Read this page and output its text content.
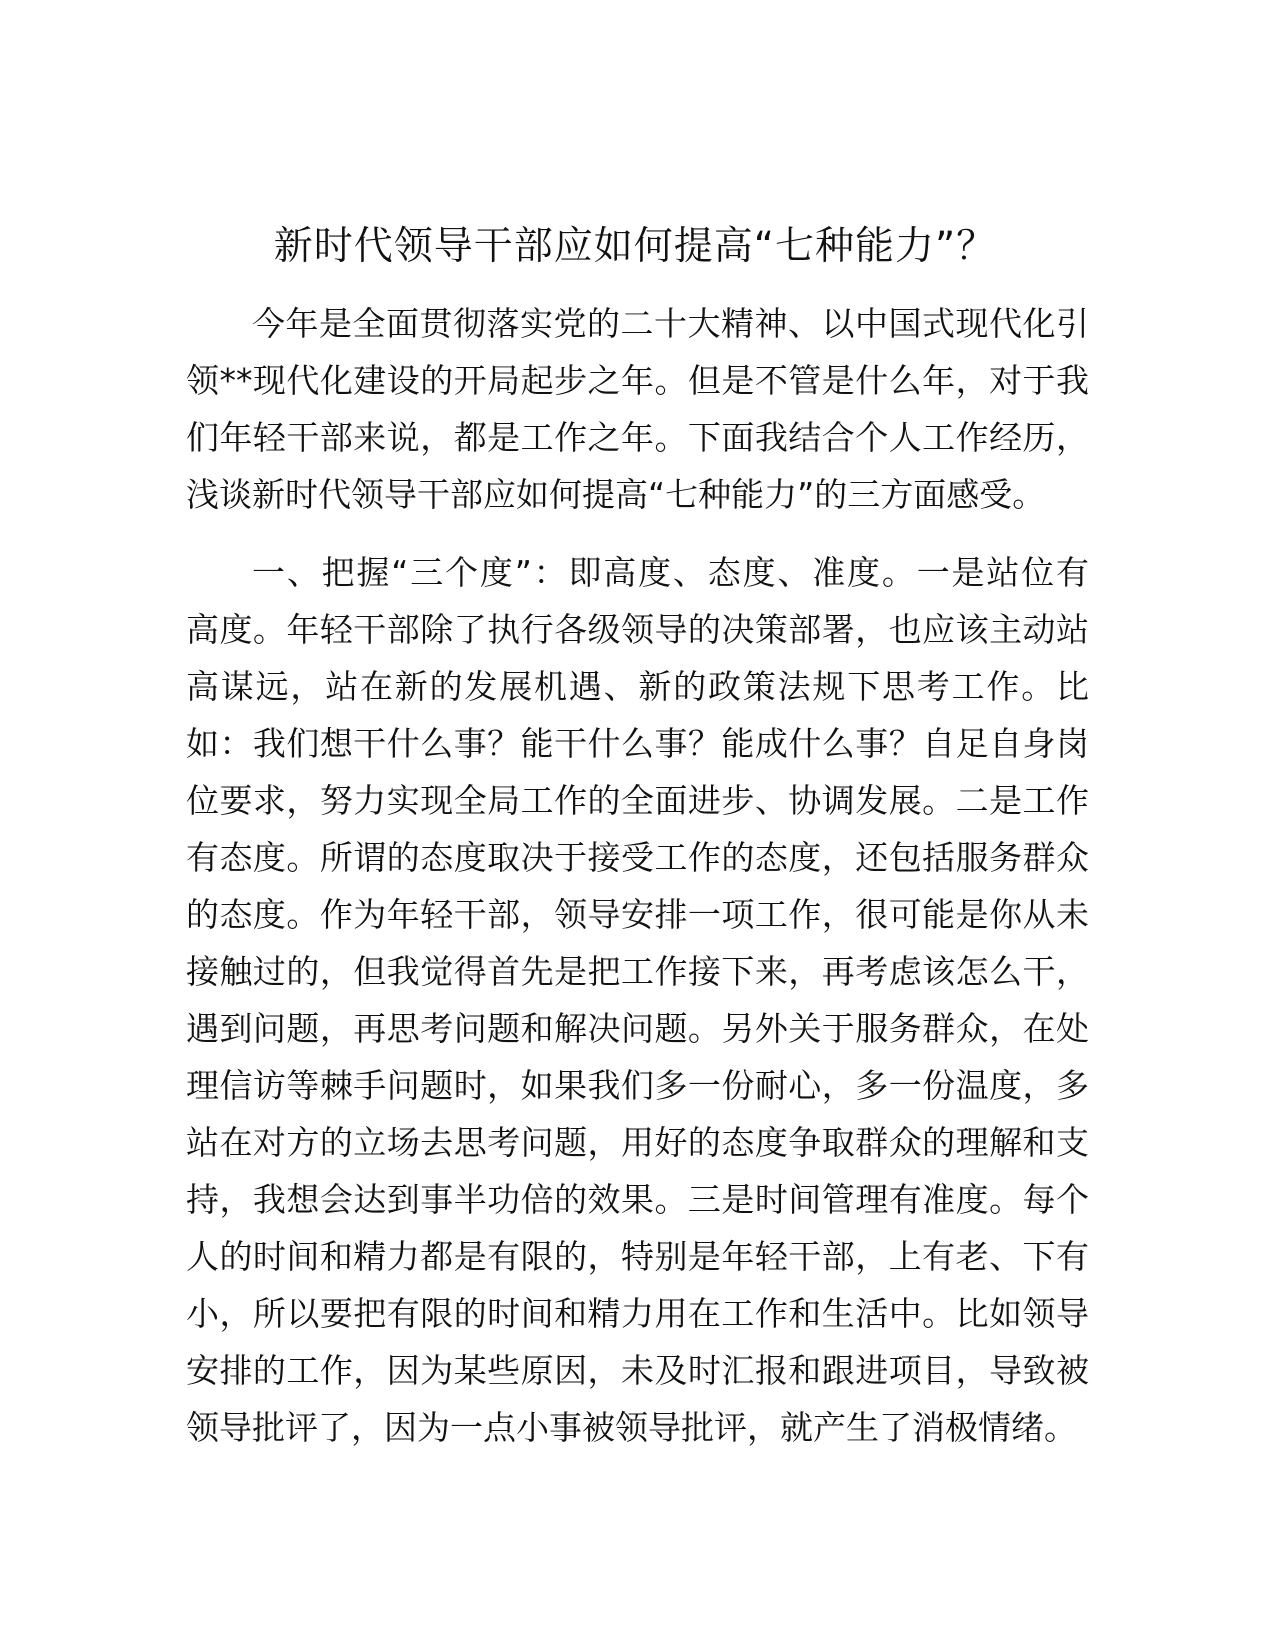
新时代领导干部应如何提高“七种能力”？
今年是全面贯彻落实党的二十大精神、以中国式现代化引
领**现代化建设的开局起步之年。但是不管是什么年，对于我
们年轻干部来说，都是工作之年。下面我结合个人工作经历，
浅谈新时代领导干部应如何提高“七种能力”的三方面感受。
一、把握“三个度”：即高度、态度、准度。一是站位有
高度。年轻干部除了执行各级领导的决策部署，也应该主动站
高谋远，站在新的发展机遇、新的政策法规下思考工作。比
如：我们想干什么事？能干什么事？能成什么事？自足自身岗
位要求，努力实现全局工作的全面进步、协调发展。二是工作
有态度。所谓的态度取决于接受工作的态度，还包括服务群众
的态度。作为年轻干部，领导安排一项工作，很可能是你从未
接触过的，但我觉得首先是把工作接下来，再考虑该怎么干，
遇到问题，再思考问题和解决问题。另外关于服务群众，在处
理信访等棘手问题时，如果我们多一份耐心，多一份温度，多
站在对方的立场去思考问题，用好的态度争取群众的理解和支
持，我想会达到事半功倍的效果。三是时间管理有准度。每个
人的时间和精力都是有限的，特别是年轻干部，上有老、下有
小，所以要把有限的时间和精力用在工作和生活中。比如领导
安排的工作，因为某些原因，未及时汇报和跟进项目，导致被
领导批评了，因为一点小事被领导批评，就产生了消极情绪。
